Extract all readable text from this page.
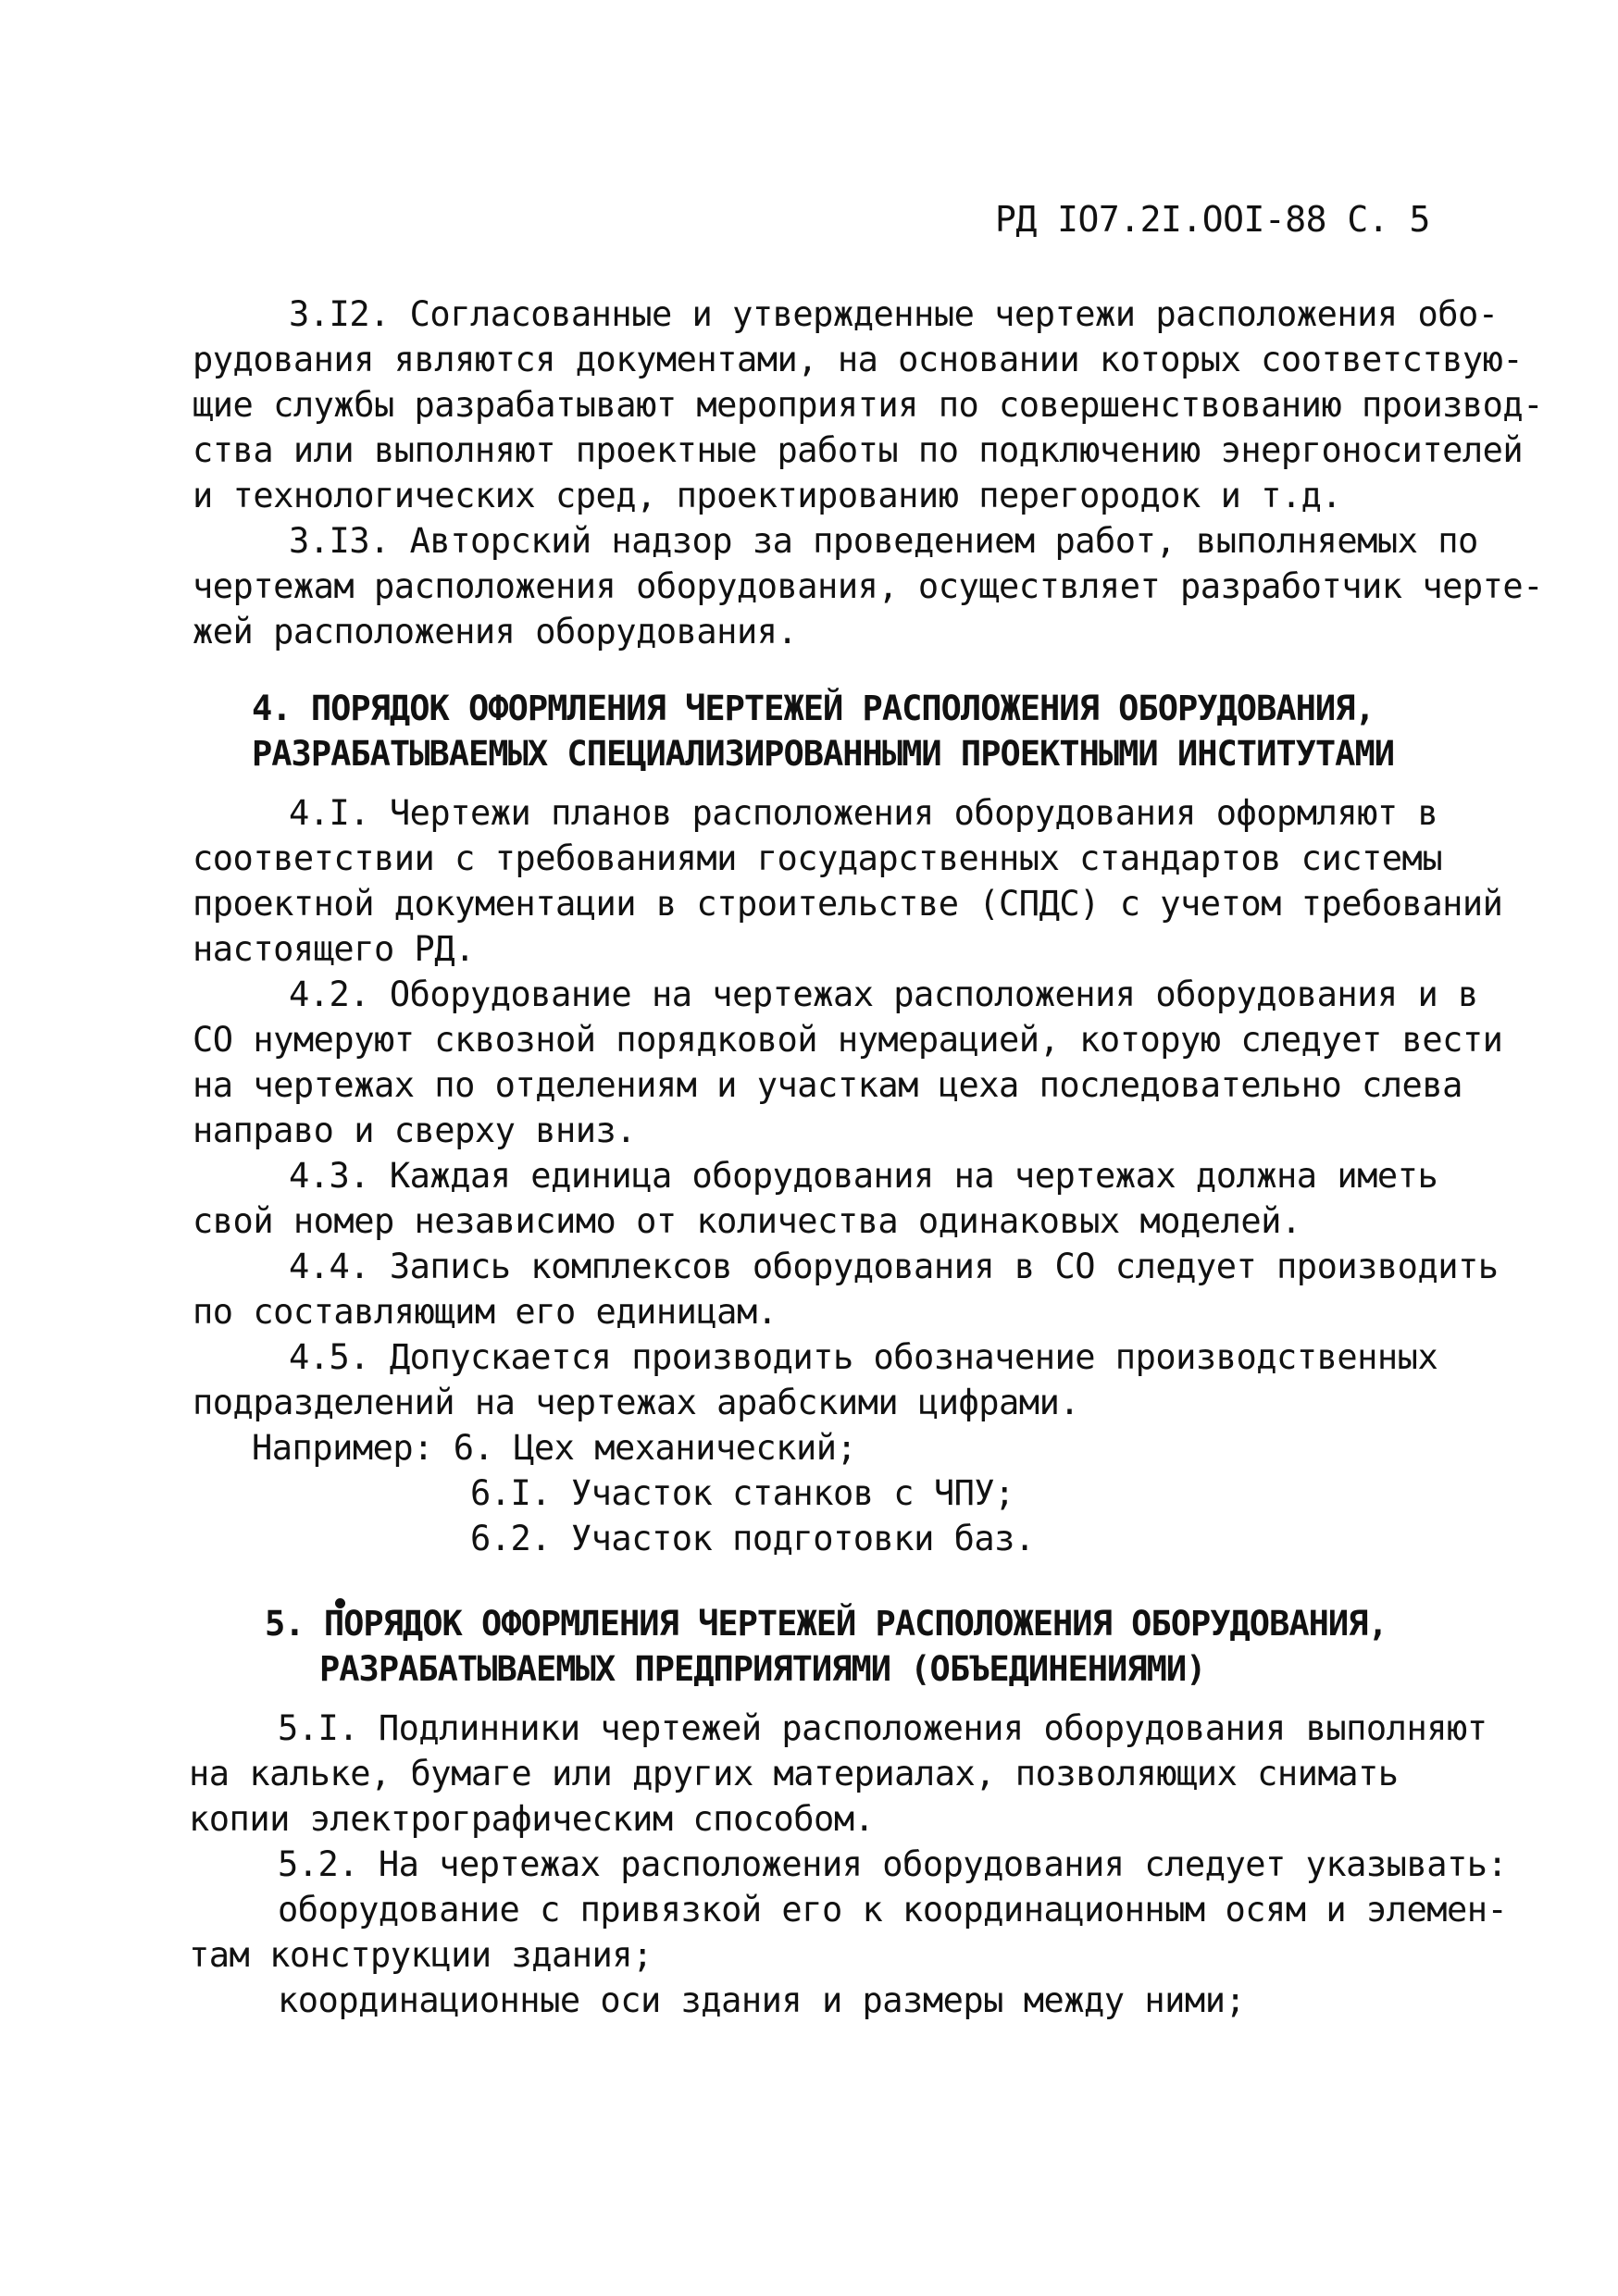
РД IО7.2I.ООI-88 С. 5
3.I2. Согласованные и утвержденные чертежи расположения обо-
рудования являются документами, на основании которых соответствую-
щие службы разрабатывают мероприятия по совершенствованию производ-
ства или выполняют проектные работы по подключению энергоносителей
и технологических сред, проектированию перегородок и т.д.
3.I3. Авторский надзор за проведением работ, выполняемых по
чертежам расположения оборудования, осуществляет разработчик черте-
жей расположения оборудования.
4. ПОРЯДОК ОФОРМЛЕНИЯ ЧЕРТЕЖЕЙ РАСПОЛОЖЕНИЯ ОБОРУДОВАНИЯ,
РАЗРАБАТЫВАЕМЫХ СПЕЦИАЛИЗИРОВАННЫМИ ПРОЕКТНЫМИ ИНСТИТУТАМИ
4.I. Чертежи планов расположения оборудования оформляют в
соответствии с требованиями государственных стандартов системы
проектной документации в строительстве (СПДС) с учетом требований
настоящего РД.
4.2. Оборудование на чертежах расположения оборудования и в
СО нумеруют сквозной порядковой нумерацией, которую следует вести
на чертежах по отделениям и участкам цеха последовательно слева
направо и сверху вниз.
4.3. Каждая единица оборудования на чертежах должна иметь
свой номер независимо от количества одинаковых моделей.
4.4. Запись комплексов оборудования в СО следует производить
по составляющим его единицам.
4.5. Допускается производить обозначение производственных
подразделений на чертежах арабскими цифрами.
Например: 6. Цех механический;
6.I. Участок станков с ЧПУ;
6.2. Участок подготовки баз.
5. ПОРЯДОК ОФОРМЛЕНИЯ ЧЕРТЕЖЕЙ РАСПОЛОЖЕНИЯ ОБОРУДОВАНИЯ,
РАЗРАБАТЫВАЕМЫХ ПРЕДПРИЯТИЯМИ (ОБЪЕДИНЕНИЯМИ)
5.I. Подлинники чертежей расположения оборудования выполняют
на кальке, бумаге или других материалах, позволяющих снимать
копии электрографическим способом.
5.2. На чертежах расположения оборудования следует указывать:
оборудование с привязкой его к координационным осям и элемен-
там конструкции здания;
координационные оси здания и размеры между ними;
